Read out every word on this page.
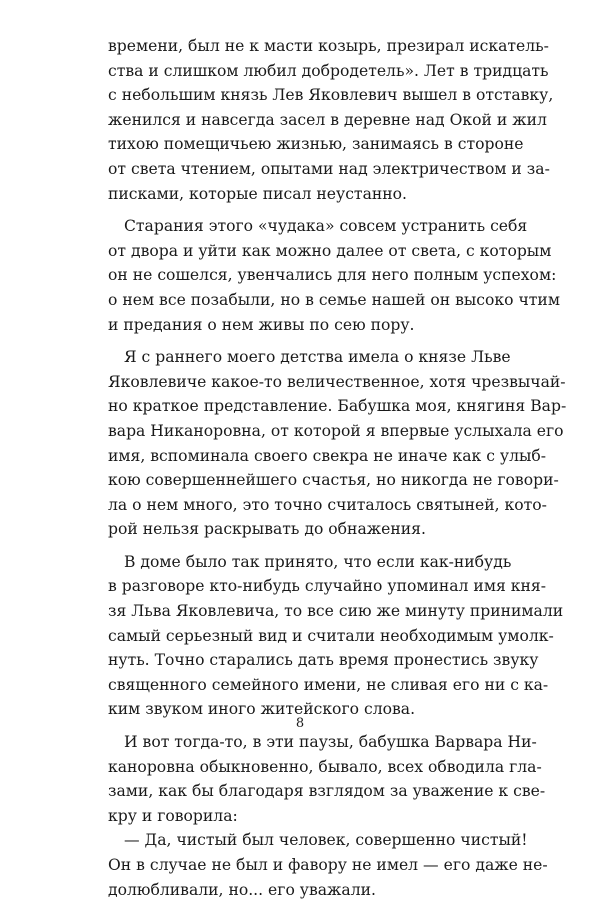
времени, был не к масти козырь, презирал искатель-
ства и слишком любил добродетель». Лет в тридцать
с небольшим князь Лев Яковлевич вышел в отставку,
женился и навсегда засел в деревне над Окой и жил
тихою помещичьею жизнью, занимаясь в стороне
от света чтением, опытами над электричеством и за-
писками, которые писал неустанно.
Старания этого «чудака» совсем устранить себя
от двора и уйти как можно далее от света, с которым
он не сошелся, увенчались для него полным успехом:
о нем все позабыли, но в семье нашей он высоко чтим
и предания о нем живы по сею пору.
Я с раннего моего детства имела о князе Льве
Яковлевиче какое-то величественное, хотя чрезвычай-
но краткое представление. Бабушка моя, княгиня Вар-
вара Никаноровна, от которой я впервые услыхала его
имя, вспоминала своего свекра не иначе как с улыб-
кою совершеннейшего счастья, но никогда не говори-
ла о нем много, это точно считалось святыней, кото-
рой нельзя раскрывать до обнажения.
В доме было так принято, что если как-нибудь
в разговоре кто-нибудь случайно упоминал имя кня-
зя Льва Яковлевича, то все сию же минуту принимали
самый серьезный вид и считали необходимым умолк-
нуть. Точно старались дать время пронестись звуку
священного семейного имени, не сливая его ни с ка-
ким звуком иного житейского слова.
И вот тогда-то, в эти паузы, бабушка Варвара Ни-
каноровна обыкновенно, бывало, всех обводила гла-
зами, как бы благодаря взглядом за уважение к све-
кру и говорила:
— Да, чистый был человек, совершенно чистый!
Он в случае не был и фавору не имел — его даже не-
долюбливали, но... его уважали.
8
